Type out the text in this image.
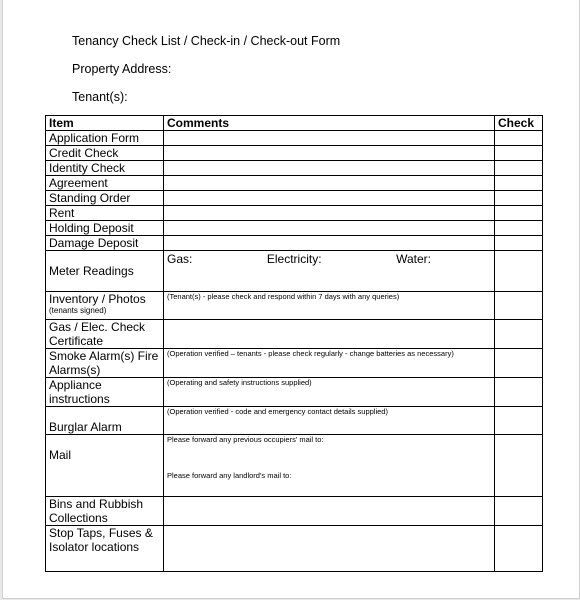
Tenancy Check List / Check-in / Check-out Form
Property Address:
Tenant(s):
Item	Comments	Check
Application Form		
Credit Check		
Identity Check		
Agreement		
Standing Order		
Rent		
Holding Deposit		
Damage Deposit		
Meter Readings	Gas: Electricity: Water:	

Inventory / Photos
(tenants signed)	(Tenant(s) - please check and respond within 7 days with any queries)	

Gas / Elec. Check Certificate		
Smoke Alarm(s) Fire Alarms(s)	(Operation verified – tenants - please check regularly - change batteries as necessary)	

Appliance instructions	(Operating and safety instructions supplied)	

Burglar Alarm	(Operation verified - code and emergency contact details supplied)	

Mail	Please forward any previous occupiers' mail to:
Please forward any landlord's mail to:	

Bins and Rubbish Collections		
Stop Taps, Fuses & Isolator locations		
